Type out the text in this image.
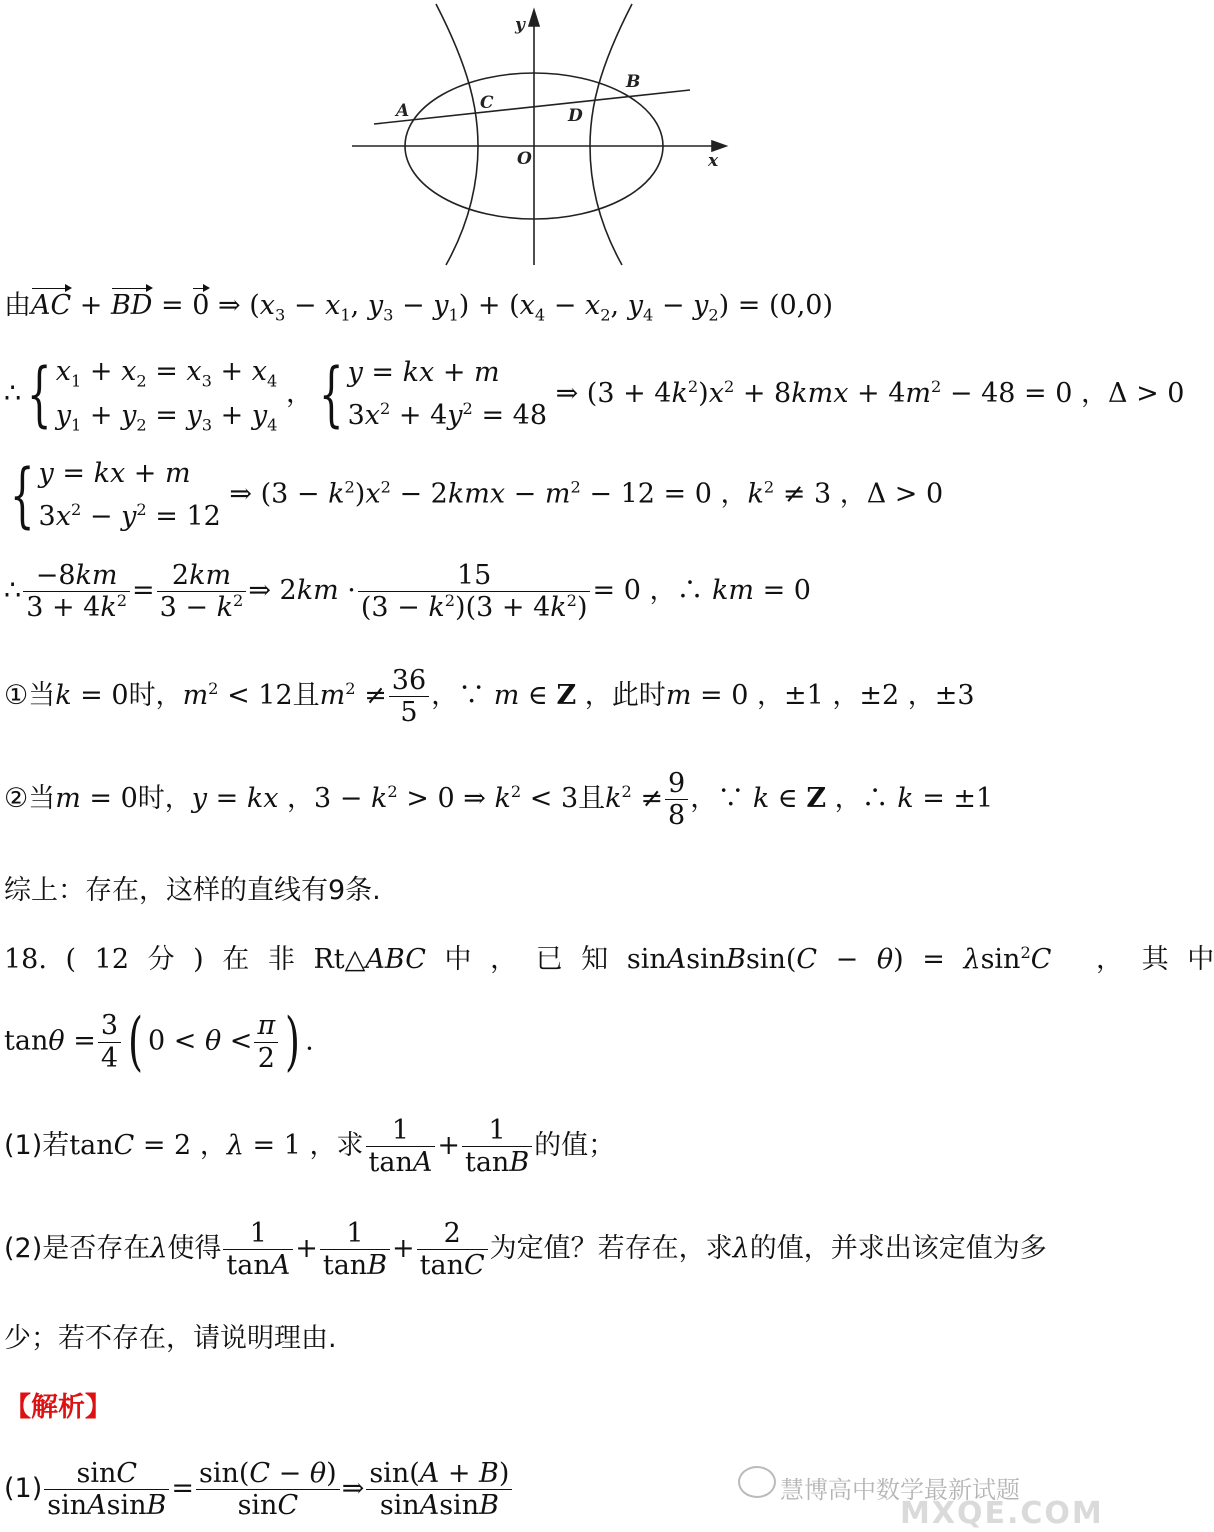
y
x
O
A	C
D
B
由AC + BD = 0 ⇒ ($x_3 - x_1$, $y_3 - y_1) + (x_4 - x_2$, $y_4 - y_2) = (0,0)$
∴{ $x_1 + x_2 = x_3 + x_4$
$y_1 + y_2 = y_3 + y_4$
，{ y = kx + m
$3x^2 + 4y^2 = 48$
⇒ $(3 + 4k^2)x^2 + 8kmx + 4m^2 - 48 = 0$ ，Δ > 0
{ y = kx + m
$3x^2 - y^2 = 12$
⇒ $(3 - k^2)x^2 - 2kmx - m^2 - 12 = 0$ ，$k^2 \ne 3$ ，Δ > 0
∴ $\frac{-8km}{3 + 4k^2} = \frac{2km}{3 - k^2}$ ⇒ $2km \cdot \frac{15}{(3 - k^2)(3 + 4k^2)} = 0$ ，∴ km = 0
①当k = 0时，$m^2 < 12$且$m^2 \ne \frac{36}{5}$ ，∵ m ∈ Z ，此时m = 0 ，±1 ，±2 ，±3
②当m = 0时，y = kx ，$3 - k^2 > 0$ ⇒ $k^2 < 3$且$k^2 \ne \frac{9}{8}$ ，∵ k ∈ Z ，∴ k = ±1
综上：存在，这样的直线有9条.
18. ( 12 分 ) 在 非 Rt△ABC 中 ， 已 知 sinAsinBsin(C − θ) = λsin$^2$C ， 其 中
$\tan\theta = \frac{3}{4}$ ( $0 < \theta < \frac{\pi}{2}$ ) .
(1)若tanC = 2 ，λ = 1 ，求 $\frac{1}{\tan A} + \frac{1}{\tan B}$ 的值；
(2)是否存在λ使得 $\frac{1}{\tan A} + \frac{1}{\tan B} + \frac{2}{\tan C}$ 为定值？若存在，求λ的值，并求出该定值为多
少；若不存在，请说明理由.
【解析】
$(1) \frac{\sin C}{\text{sinAsinB}} = \frac{\sin(C - \theta)}{\sin C}$ ⇒ $\frac{\sin(A + B)}{\text{sinAsinB}}$	慧博高中数学最新试题
MXQE.COM
